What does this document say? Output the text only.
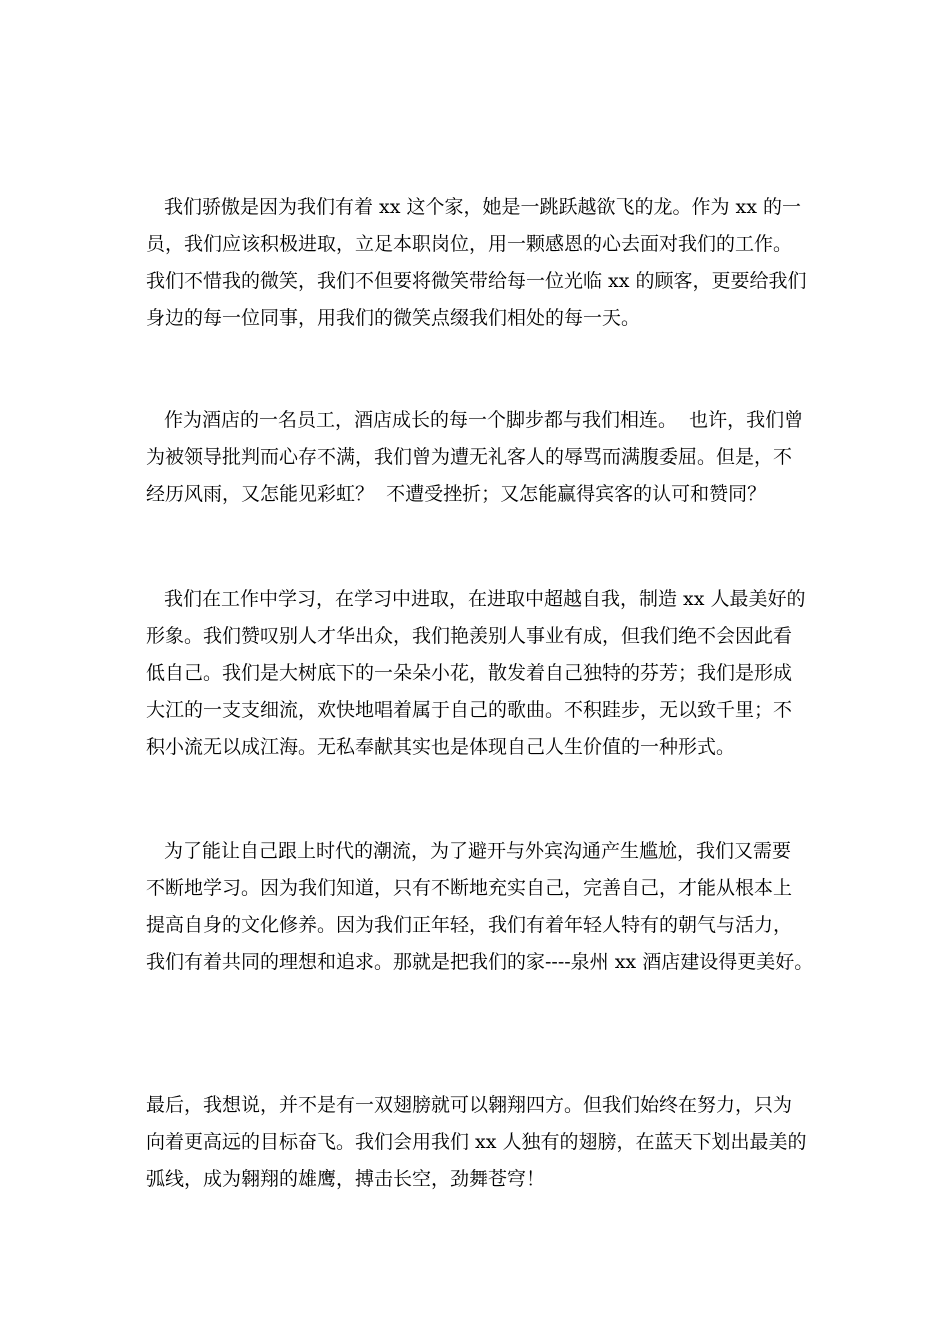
我们骄傲是因为我们有着 xx 这个家，她是一跳跃越欲飞的龙。作为 xx 的一
员，我们应该积极进取，立足本职岗位，用一颗感恩的心去面对我们的工作。
我们不惜我的微笑，我们不但要将微笑带给每一位光临 xx 的顾客，更要给我们
身边的每一位同事，用我们的微笑点缀我们相处的每一天。
作为酒店的一名员工，酒店成长的每一个脚步都与我们相连。  也许，我们曾
为被领导批判而心存不满，我们曾为遭无礼客人的辱骂而满腹委屈。但是，不
经历风雨，又怎能见彩虹？  不遭受挫折；又怎能赢得宾客的认可和赞同？
我们在工作中学习，在学习中进取，在进取中超越自我，制造 xx 人最美好的
形象。我们赞叹别人才华出众，我们艳羡别人事业有成，但我们绝不会因此看
低自己。我们是大树底下的一朵朵小花，散发着自己独特的芬芳；我们是形成
大江的一支支细流，欢快地唱着属于自己的歌曲。不积跬步，无以致千里；不
积小流无以成江海。无私奉献其实也是体现自己人生价值的一种形式。
为了能让自己跟上时代的潮流，为了避开与外宾沟通产生尴尬，我们又需要
不断地学习。因为我们知道，只有不断地充实自己，完善自己，才能从根本上
提高自身的文化修养。因为我们正年轻，我们有着年轻人特有的朝气与活力，
我们有着共同的理想和追求。那就是把我们的家----泉州 xx 酒店建设得更美好。
最后，我想说，并不是有一双翅膀就可以翱翔四方。但我们始终在努力，只为
向着更高远的目标奋飞。我们会用我们 xx 人独有的翅膀，在蓝天下划出最美的
弧线，成为翱翔的雄鹰，搏击长空，劲舞苍穹！
